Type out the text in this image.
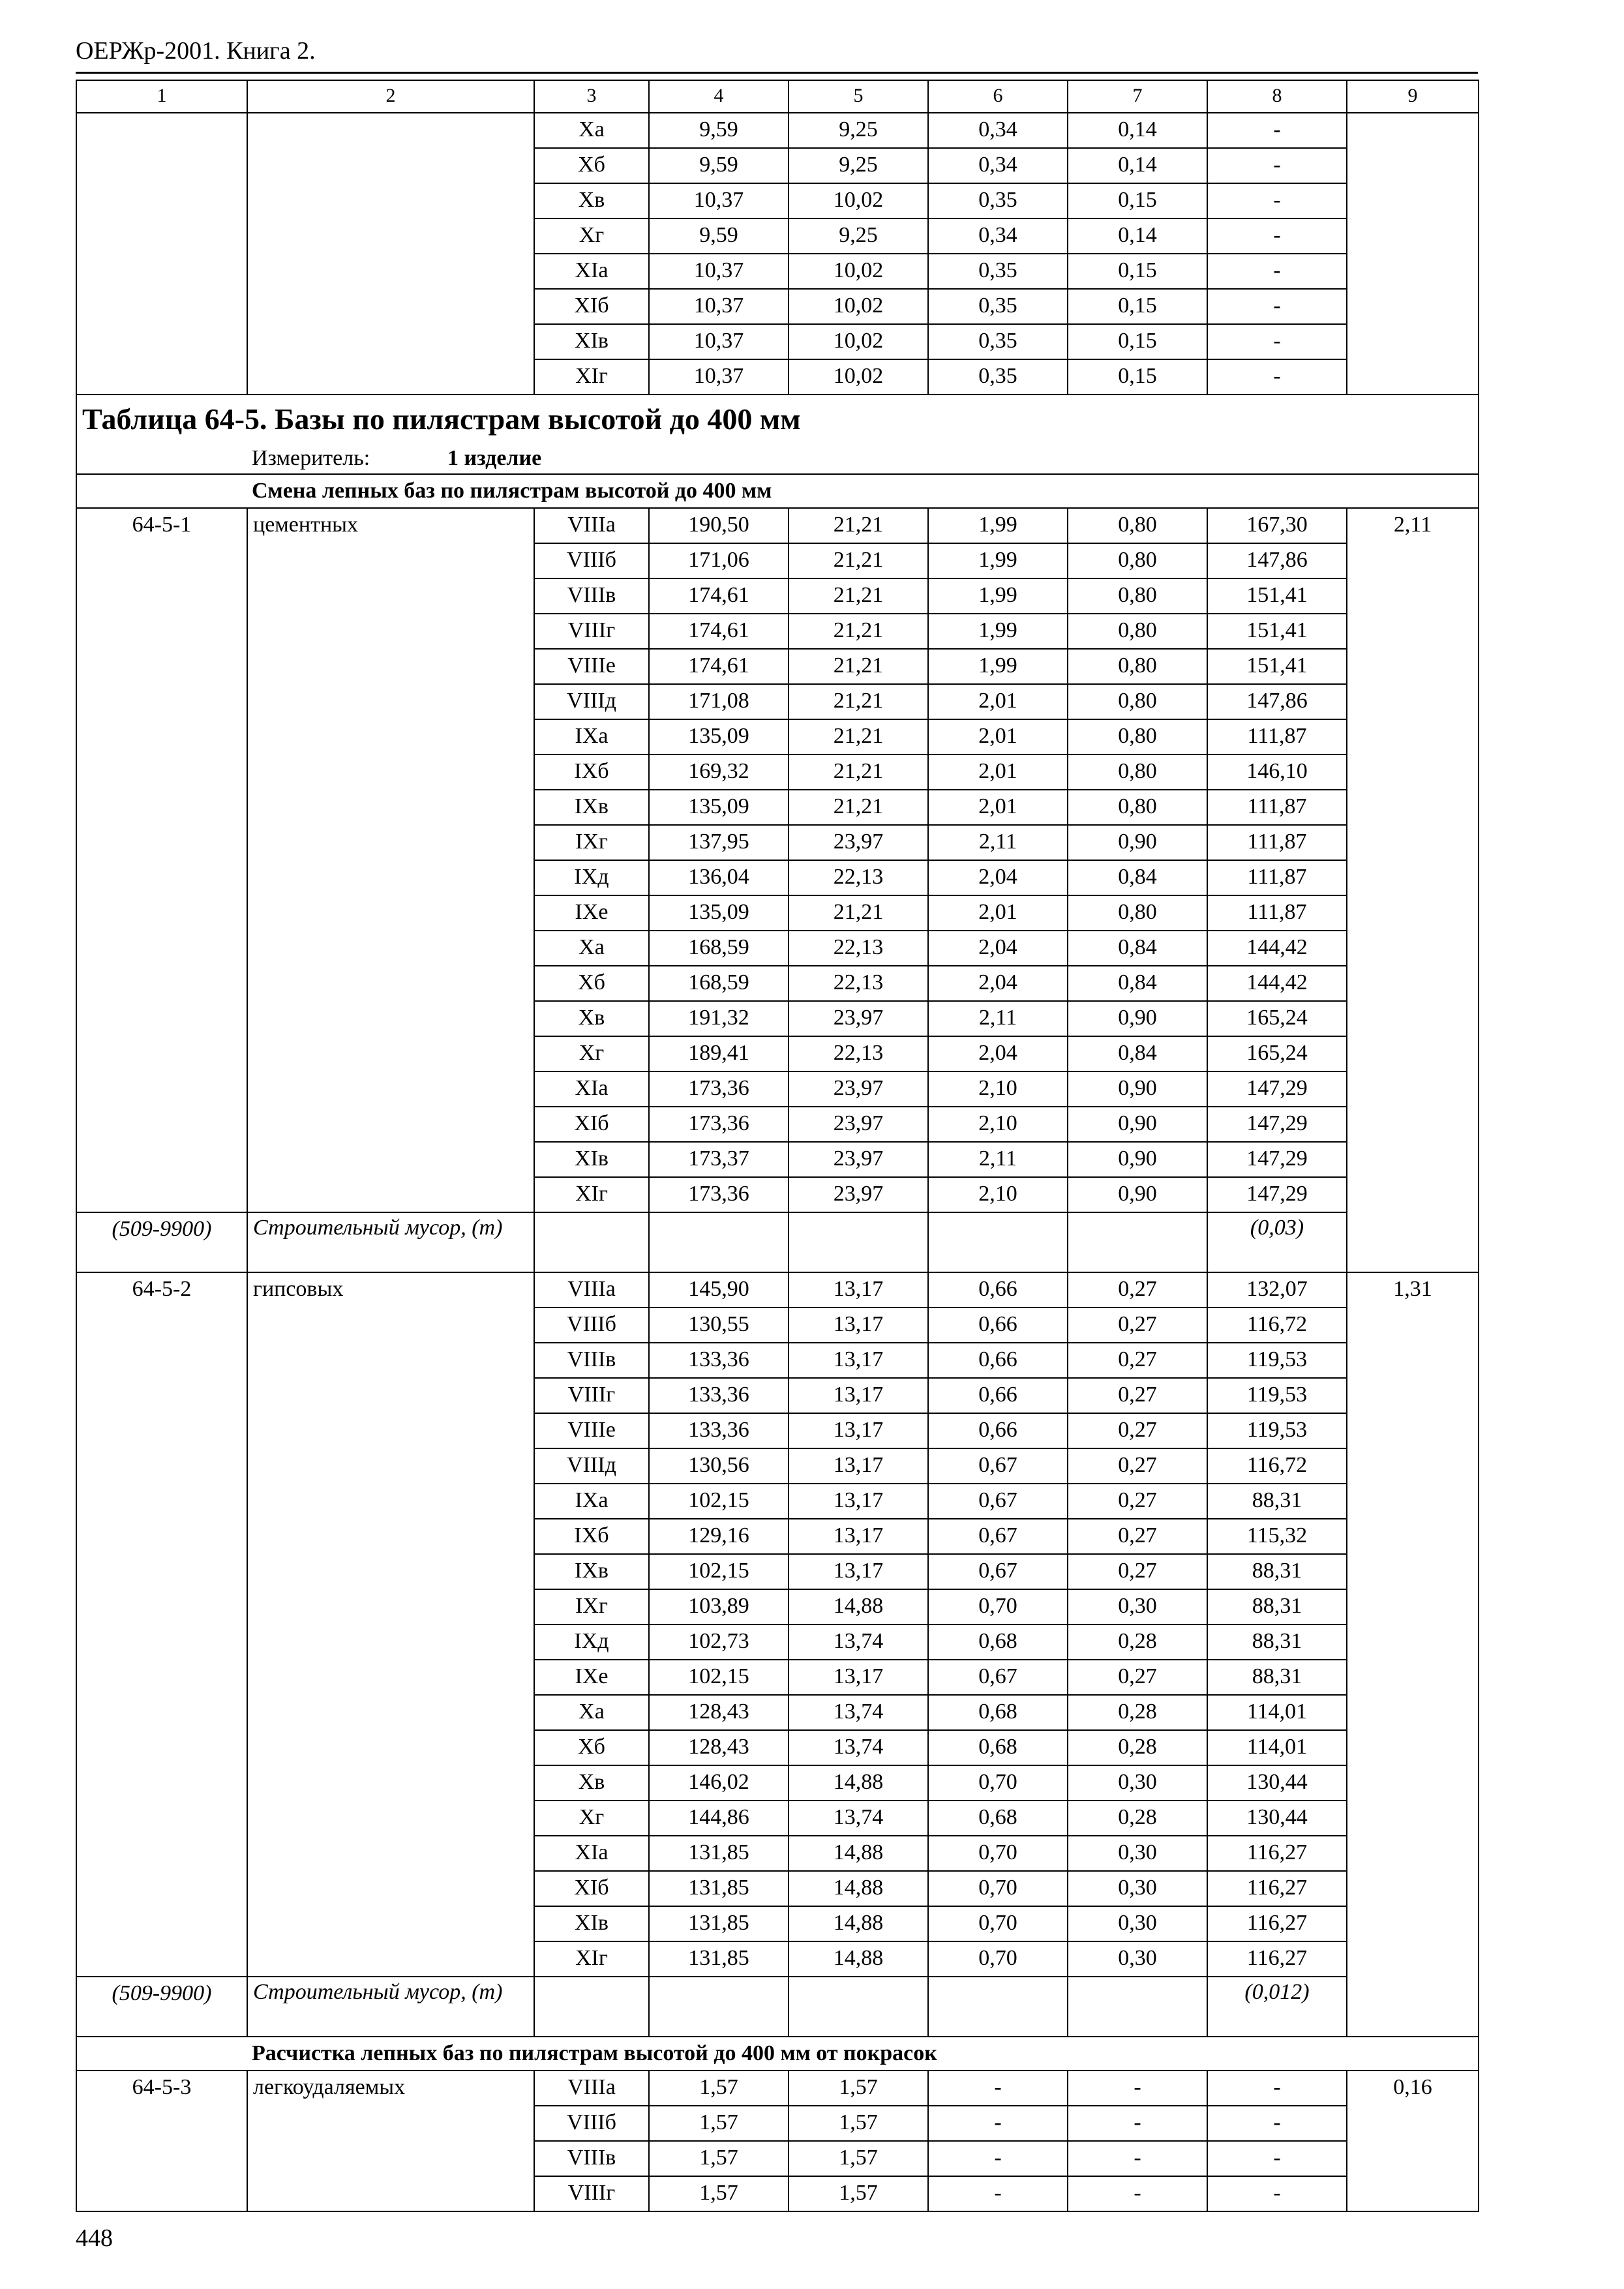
ОЕРЖр-2001. Книга 2.
1	2	3	4	5	6	7	8	9
		Xa	9,59	9,25	0,34	0,14	-	
		Xб	9,59	9,25	0,34	0,14	-	
		Xв	10,37	10,02	0,35	0,15	-	
		Xг	9,59	9,25	0,34	0,14	-	
		XIa	10,37	10,02	0,35	0,15	-	
		XIб	10,37	10,02	0,35	0,15	-	
		XIв	10,37	10,02	0,35	0,15	-	
		XIг	10,37	10,02	0,35	0,15	-	
Таблица 64-5. Базы по пилястрам высотой до 400 мм								
Измеритель: 1 изделие								
Смена лепных баз по пилястрам высотой до 400 мм								
64-5-1	цементных	VIIIa	190,50	21,21	1,99	0,80	167,30	2,11
		VIIIб	171,06	21,21	1,99	0,80	147,86	
		VIIIв	174,61	21,21	1,99	0,80	151,41	
		VIIIг	174,61	21,21	1,99	0,80	151,41	
		VIIIe	174,61	21,21	1,99	0,80	151,41	
		VIIIд	171,08	21,21	2,01	0,80	147,86	
		IXa	135,09	21,21	2,01	0,80	111,87	
		IXб	169,32	21,21	2,01	0,80	146,10	
		IXв	135,09	21,21	2,01	0,80	111,87	
		IXг	137,95	23,97	2,11	0,90	111,87	
		IXд	136,04	22,13	2,04	0,84	111,87	
		IXe	135,09	21,21	2,01	0,80	111,87	
		Xa	168,59	22,13	2,04	0,84	144,42	
		Xб	168,59	22,13	2,04	0,84	144,42	
		Xв	191,32	23,97	2,11	0,90	165,24	
		Xг	189,41	22,13	2,04	0,84	165,24	
		XIa	173,36	23,97	2,10	0,90	147,29	
		XIб	173,36	23,97	2,10	0,90	147,29	
		XIв	173,37	23,97	2,11	0,90	147,29	
		XIг	173,36	23,97	2,10	0,90	147,29	
(509-9900)	Строительный мусор, (т)						(0,03)	
64-5-2	гипсовых	VIIIa	145,90	13,17	0,66	0,27	132,07	1,31
		VIIIб	130,55	13,17	0,66	0,27	116,72	
		VIIIв	133,36	13,17	0,66	0,27	119,53	
		VIIIг	133,36	13,17	0,66	0,27	119,53	
		VIIIe	133,36	13,17	0,66	0,27	119,53	
		VIIIд	130,56	13,17	0,67	0,27	116,72	
		IXa	102,15	13,17	0,67	0,27	88,31	
		IXб	129,16	13,17	0,67	0,27	115,32	
		IXв	102,15	13,17	0,67	0,27	88,31	
		IXг	103,89	14,88	0,70	0,30	88,31	
		IXд	102,73	13,74	0,68	0,28	88,31	
		IXe	102,15	13,17	0,67	0,27	88,31	
		Xa	128,43	13,74	0,68	0,28	114,01	
		Xб	128,43	13,74	0,68	0,28	114,01	
		Xв	146,02	14,88	0,70	0,30	130,44	
		Xг	144,86	13,74	0,68	0,28	130,44	
		XIa	131,85	14,88	0,70	0,30	116,27	
		XIб	131,85	14,88	0,70	0,30	116,27	
		XIв	131,85	14,88	0,70	0,30	116,27	
		XIг	131,85	14,88	0,70	0,30	116,27	
(509-9900)	Строительный мусор, (т)						(0,012)	
Расчистка лепных баз по пилястрам высотой до 400 мм от покрасок								
64-5-3	легкоудаляемых	VIIIa	1,57	1,57	-	-	-	0,16
		VIIIб	1,57	1,57	-	-	-	
		VIIIв	1,57	1,57	-	-	-	
		VIIIг	1,57	1,57	-	-	-	
448
